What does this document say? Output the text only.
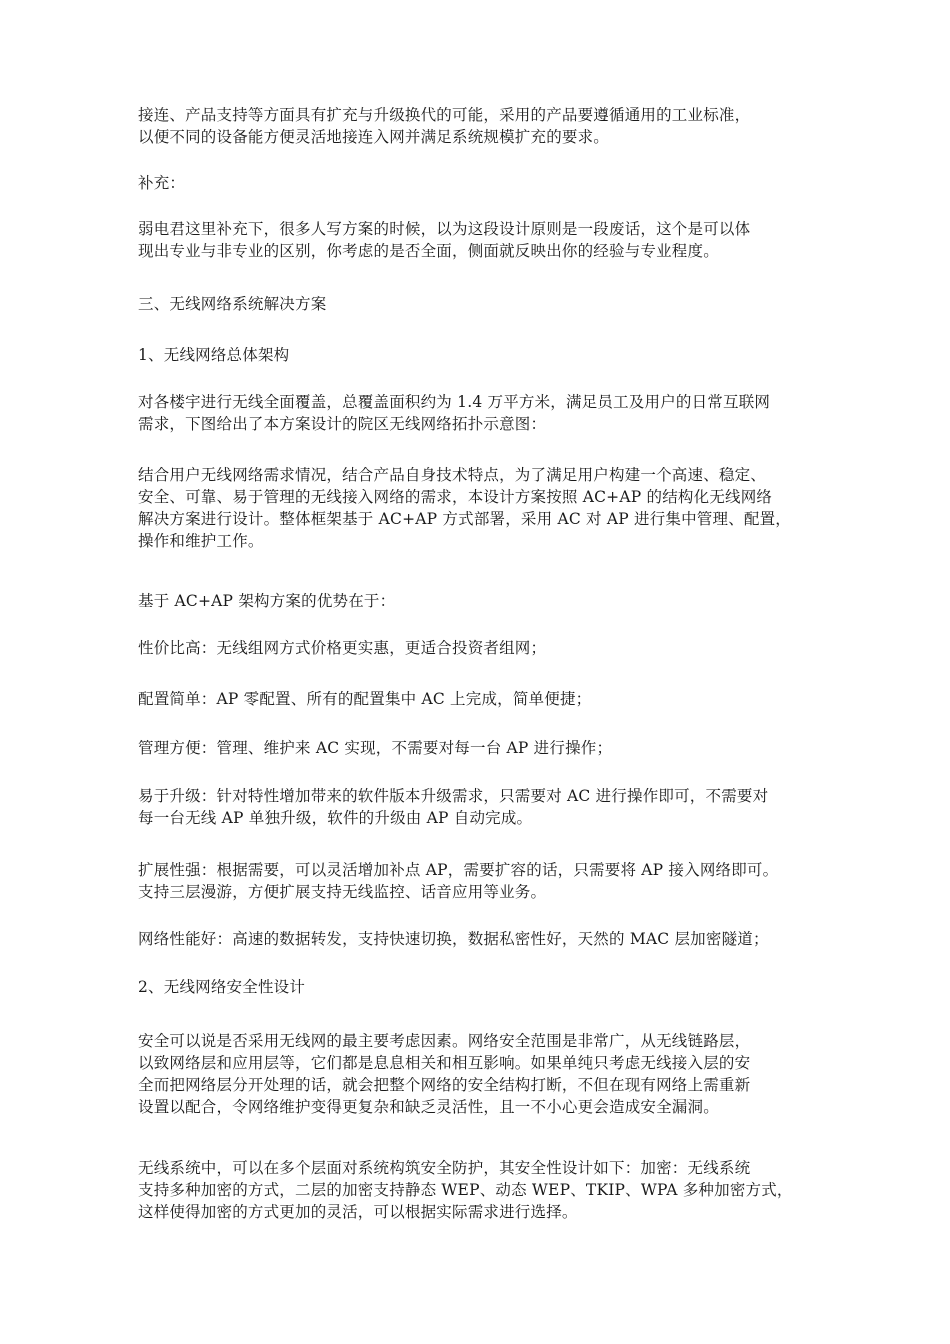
接连、产品支持等方面具有扩充与升级换代的可能，采用的产品要遵循通用的工业标准，
以便不同的设备能方便灵活地接连入网并满足系统规模扩充的要求。
补充：
弱电君这里补充下，很多人写方案的时候，以为这段设计原则是一段废话，这个是可以体
现出专业与非专业的区别，你考虑的是否全面，侧面就反映出你的经验与专业程度。
三、无线网络系统解决方案
1、无线网络总体架构
对各楼宇进行无线全面覆盖，总覆盖面积约为 1.4 万平方米，满足员工及用户的日常互联网
需求，下图给出了本方案设计的院区无线网络拓扑示意图：
结合用户无线网络需求情况，结合产品自身技术特点，为了满足用户构建一个高速、稳定、
安全、可靠、易于管理的无线接入网络的需求，本设计方案按照 AC+AP 的结构化无线网络
解决方案进行设计。整体框架基于 AC+AP 方式部署，采用 AC 对 AP 进行集中管理、配置，
操作和维护工作。
基于 AC+AP 架构方案的优势在于：
性价比高：无线组网方式价格更实惠，更适合投资者组网；
配置简单：AP 零配置、所有的配置集中 AC 上完成，简单便捷；
管理方便：管理、维护来 AC 实现，不需要对每一台 AP 进行操作；
易于升级：针对特性增加带来的软件版本升级需求，只需要对 AC 进行操作即可，不需要对
每一台无线 AP 单独升级，软件的升级由 AP 自动完成。
扩展性强：根据需要，可以灵活增加补点 AP，需要扩容的话，只需要将 AP 接入网络即可。
支持三层漫游，方便扩展支持无线监控、话音应用等业务。
网络性能好：高速的数据转发，支持快速切换，数据私密性好，天然的 MAC 层加密隧道；
2、无线网络安全性设计
安全可以说是否采用无线网的最主要考虑因素。网络安全范围是非常广，从无线链路层，
以致网络层和应用层等，它们都是息息相关和相互影响。如果单纯只考虑无线接入层的安
全而把网络层分开处理的话，就会把整个网络的安全结构打断，不但在现有网络上需重新
设置以配合，令网络维护变得更复杂和缺乏灵活性，且一不小心更会造成安全漏洞。
无线系统中，可以在多个层面对系统构筑安全防护，其安全性设计如下：加密：无线系统
支持多种加密的方式，二层的加密支持静态 WEP、动态 WEP、TKIP、WPA 多种加密方式，
这样使得加密的方式更加的灵活，可以根据实际需求进行选择。
